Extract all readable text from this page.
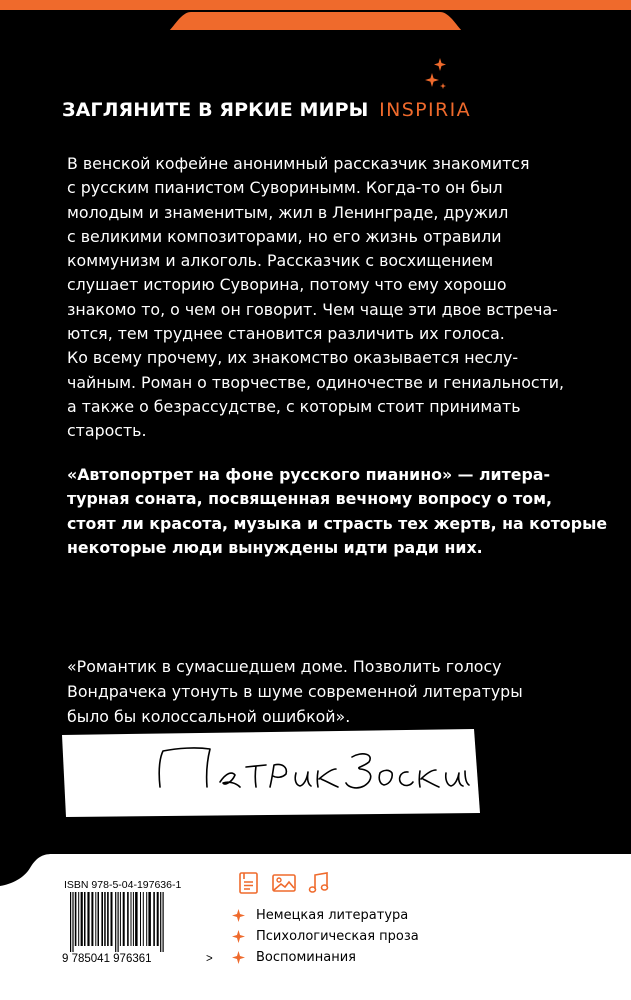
ЗАГЛЯНИТЕ В ЯРКИЕ МИРЫ INSPIRIA

В венской кофейне анонимный рассказчик знакомится
с русским пианистом Суворинымм. Когда-то он был
молодым и знаменитым, жил в Ленинграде, дружил
с великими композиторами, но его жизнь отравили
коммунизм и алкоголь. Рассказчик с восхищением
слушает историю Суворина, потому что ему хорошо
знакомо то, о чем он говорит. Чем чаще эти двое встреча-
ются, тем труднее становится различить их голоса.
Ко всему прочему, их знакомство оказывается неслу-
чайным. Роман о творчестве, одиночестве и гениальности,
а также о безрассудстве, с которым стоит принимать
старость.

«Автопортрет на фоне русского пианино» — литера-
турная соната, посвященная вечному вопросу о том,
стоят ли красота, музыка и страсть тех жертв, на которые
некоторые люди вынуждены идти ради них.

«Романтик в сумасшедшем доме. Позволить голосу
Вондрачека утонуть в шуме современной литературы
было бы колоссальной ошибкой».

ISBN 978-5-04-197636-1
9 785041 976361	>
Немецкая литература
Психологическая проза
Воспоминания
